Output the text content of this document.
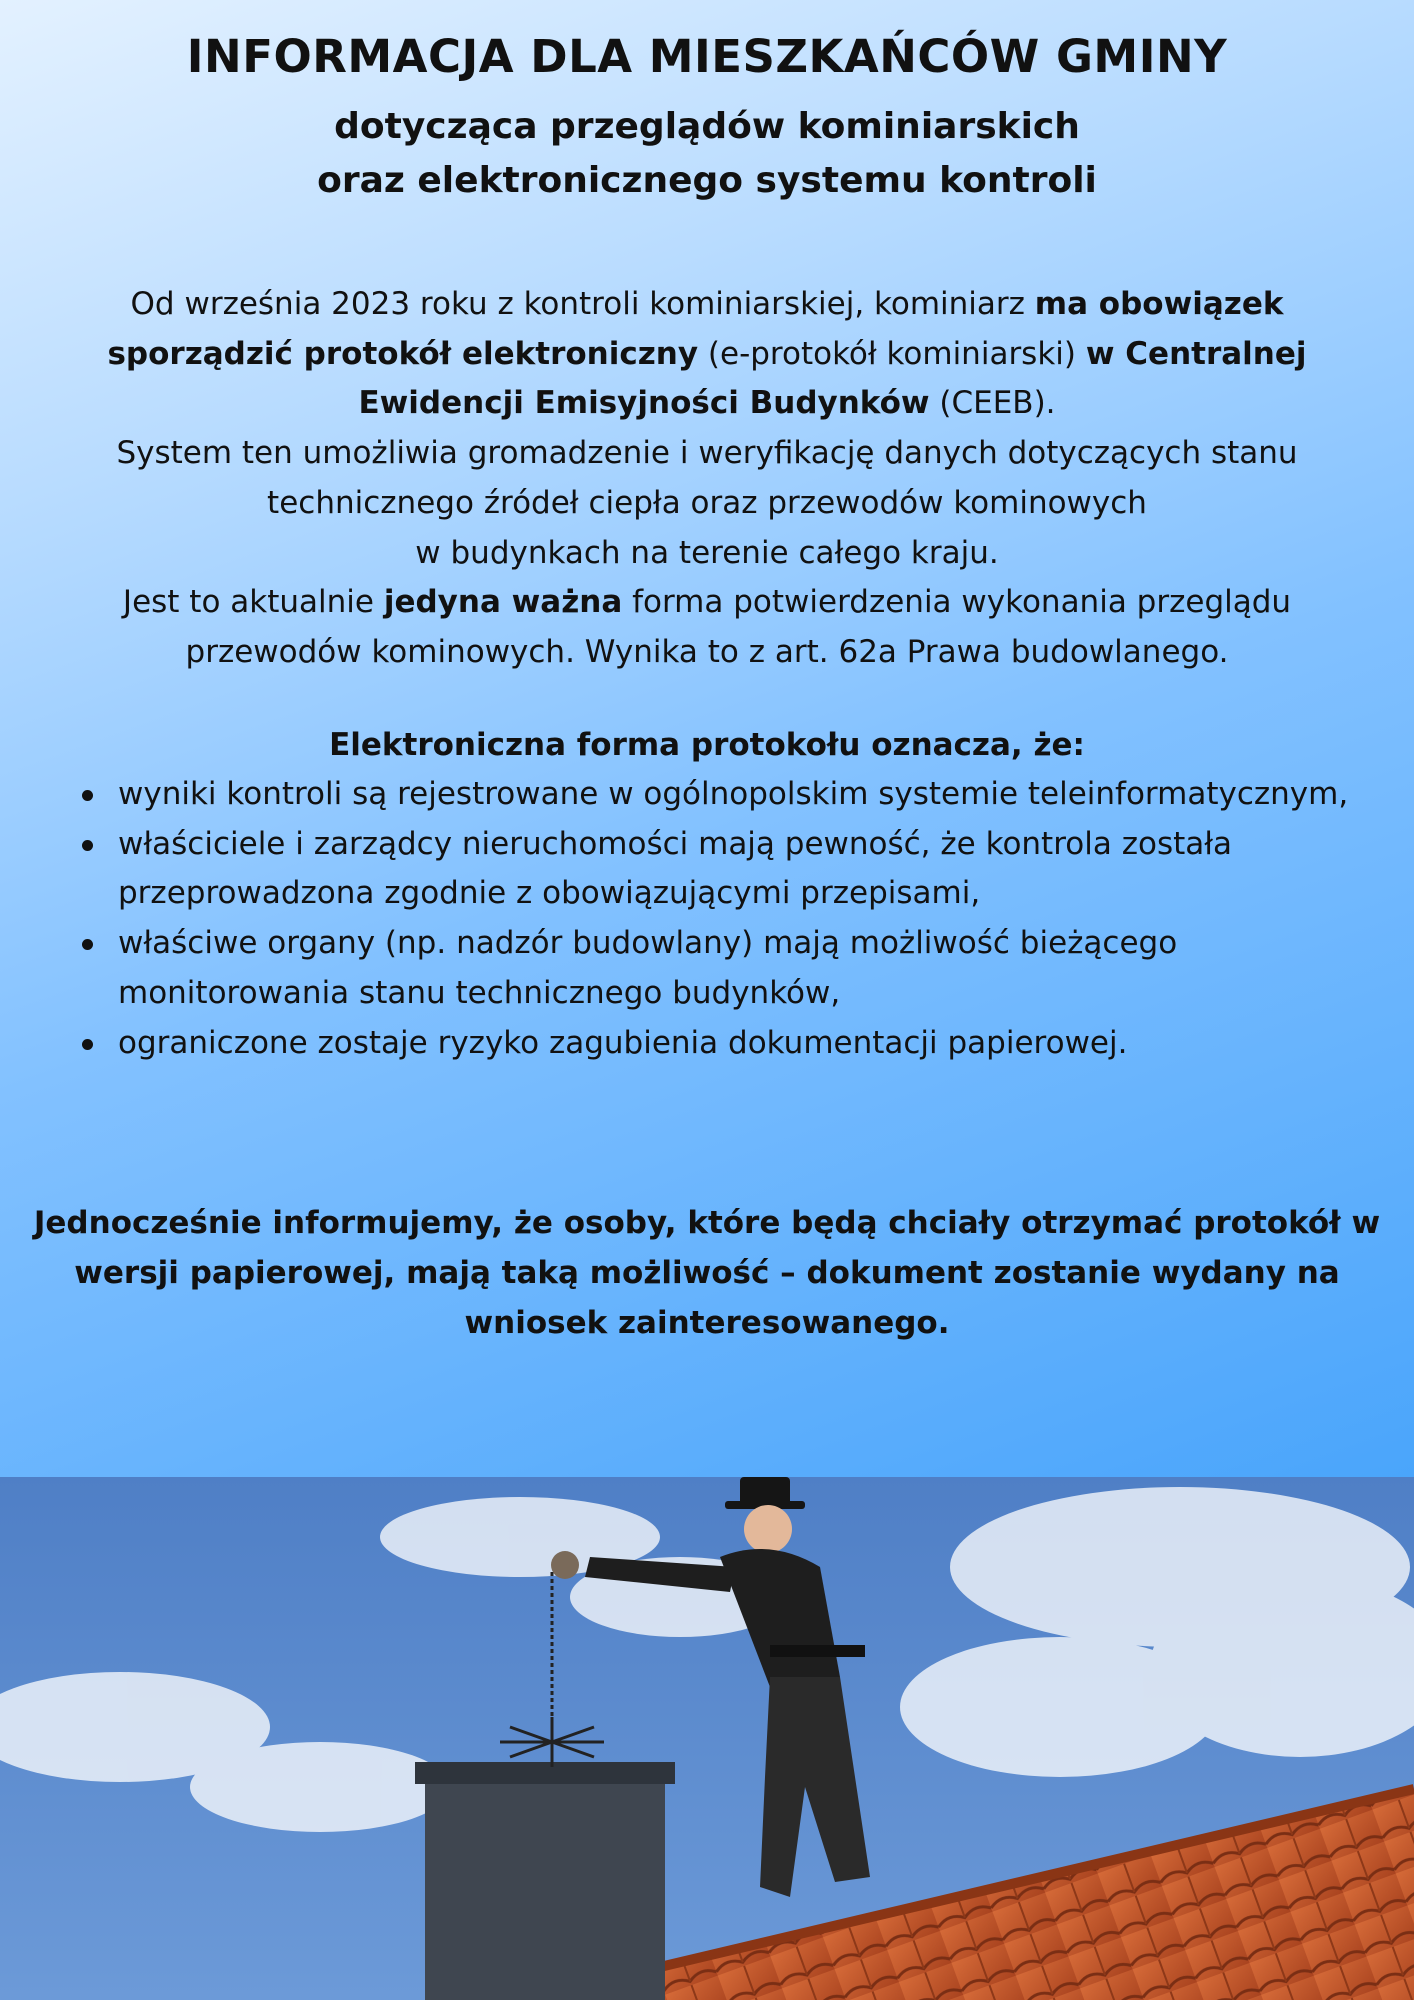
INFORMACJA DLA MIESZKAŃCÓW GMINY
dotycząca przeglądów kominiarskich
oraz elektronicznego systemu kontroli
Od września 2023 roku z kontroli kominiarskiej, kominiarz ma obowiązek sporządzić protokół elektroniczny (e-protokół kominiarski) w Centralnej Ewidencji Emisyjności Budynków (CEEB).
System ten umożliwia gromadzenie i weryfikację danych dotyczących stanu technicznego źródeł ciepła oraz przewodów kominowych
w budynkach na terenie całego kraju.
Jest to aktualnie jedyna ważna forma potwierdzenia wykonania przeglądu przewodów kominowych. Wynika to z art. 62a Prawa budowlanego.
Elektroniczna forma protokołu oznacza, że:
wyniki kontroli są rejestrowane w ogólnopolskim systemie teleinformatycznym,
właściciele i zarządcy nieruchomości mają pewność, że kontrola została przeprowadzona zgodnie z obowiązującymi przepisami,
właściwe organy (np. nadzór budowlany) mają możliwość bieżącego monitorowania stanu technicznego budynków,
ograniczone zostaje ryzyko zagubienia dokumentacji papierowej.
Jednocześnie informujemy, że osoby, które będą chciały otrzymać protokół w wersji papierowej, mają taką możliwość – dokument zostanie wydany na wniosek zainteresowanego.
